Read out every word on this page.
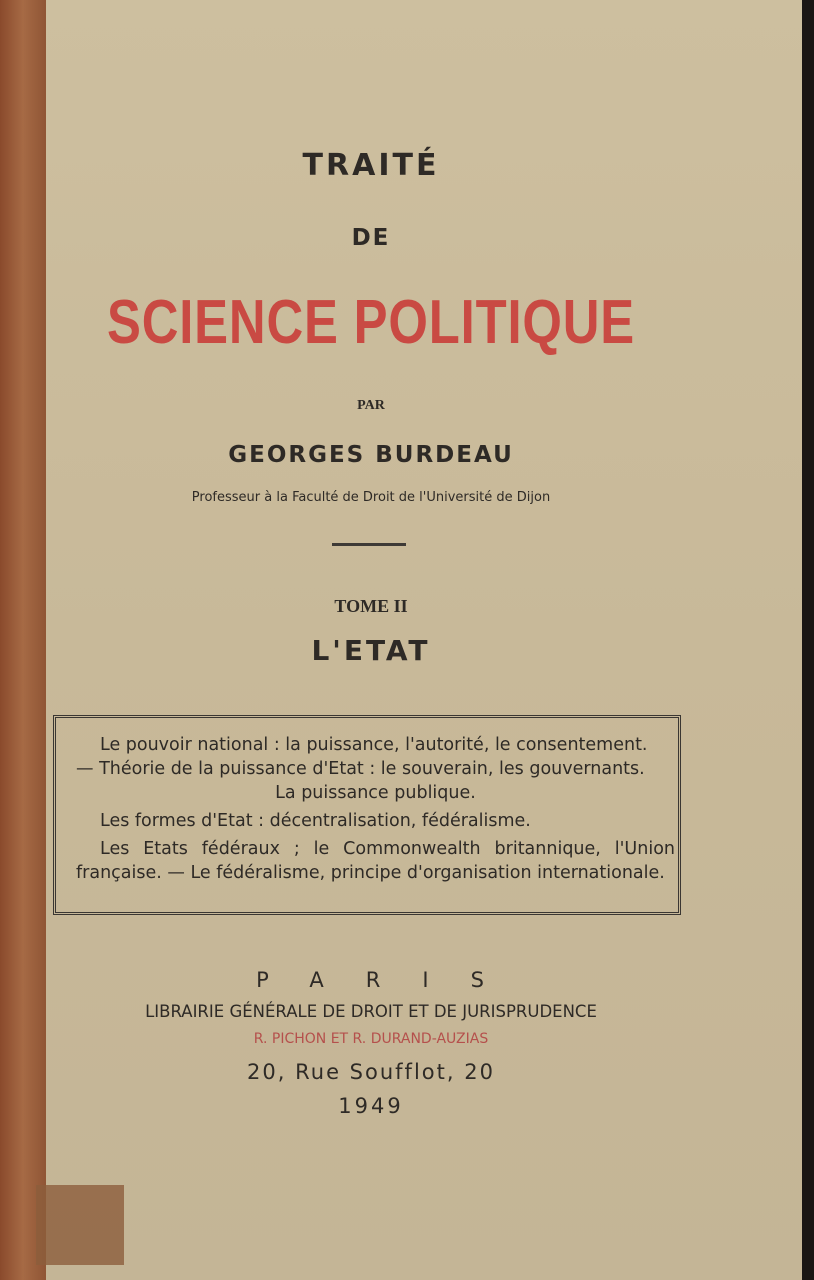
TRAITÉ
DE
SCIENCE POLITIQUE
PAR
GEORGES BURDEAU
Professeur à la Faculté de Droit de l'Université de Dijon
TOME II
L'ETAT

Le pouvoir national : la puissance, l'autorité, le consentement.

— Théorie de la puissance d'Etat : le souverain, les gouvernants.

La puissance publique.

Les formes d'Etat : décentralisation, fédéralisme.

Les Etats fédéraux ; le Commonwealth britannique, l'Union française. — Le fédéralisme, principe d'organisation internationale.

PARIS
LIBRAIRIE GÉNÉRALE DE DROIT ET DE JURISPRUDENCE
R. PICHON ET R. DURAND-AUZIAS
20, Rue Soufflot, 20
1949
